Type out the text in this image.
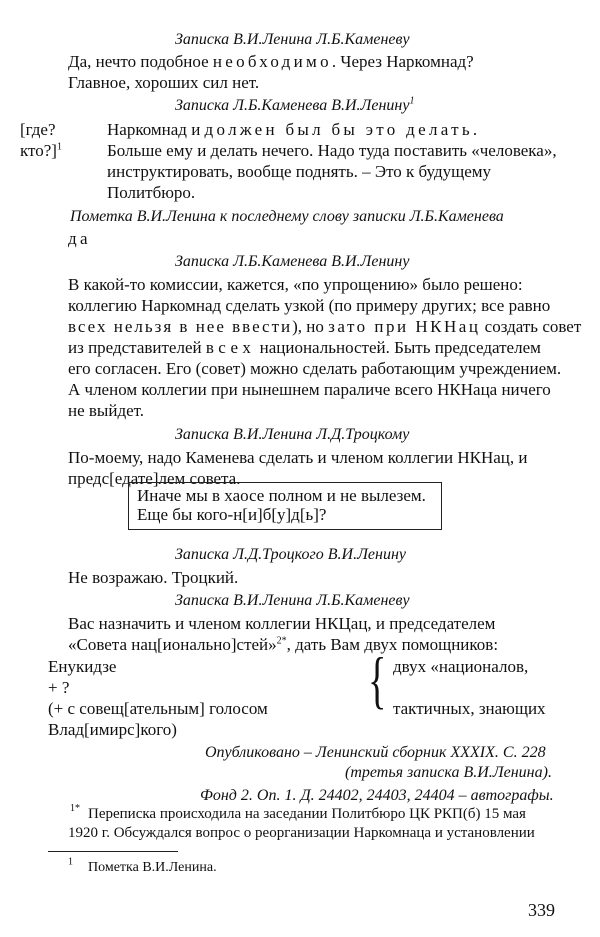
Записка В.И.Ленина Л.Б.Каменеву
Да, нечто подобное необходимо. Через Наркомнад?
Главное, хороших сил нет.
Записка Л.Б.Каменева В.И.Ленину$^1$
[где?
кто?]$^1$
Наркомнад и должен был бы это делать.
Больше ему и делать нечего. Надо туда поставить «человека»,
инструктировать, вообще поднять. – Это к будущему
Политбюро.
Пометка В.И.Ленина к последнему слову записки Л.Б.Каменева
да
Записка Л.Б.Каменева В.И.Ленину
В какой-то комиссии, кажется, «по упрощению» было решено:
коллегию Наркомнад сделать узкой (по примеру других; все равно
всех нельзя в нее ввести), но зато при НКНац создать совет
из представителей всех национальностей. Быть председателем
его согласен. Его (совет) можно сделать работающим учреждением.
А членом коллегии при нынешнем параличе всего НКНаца ничего
не выйдет.
Записка В.И.Ленина Л.Д.Троцкому
По-моему, надо Каменева сделать и членом коллегии НКНац, и
предс[едате]лем совета.
Иначе мы в хаосе полном и не вылезем.
Еще бы кого-н[и]б[у]д[ь]?
Записка Л.Д.Троцкого В.И.Ленину
Не возражаю. Троцкий.
Записка В.И.Ленина Л.Б.Каменеву
Вас назначить и членом коллегии НКЦац, и председателем
«Совета нац[ионально]стей»$^{2*}$, дать Вам двух помощников:
Енукидзе
+ ?
(+ с совещ[ательным] голосом
Влад[имирс]кого)
{ двух «националов,
тактичных, знающих
Опубликовано – Ленинский сборник XXXIX. С. 228
(третья записка В.И.Ленина).
Фонд 2. Оп. 1. Д. 24402, 24403, 24404 – автографы.
$^{1*}$ Переписка происходила на заседании Политбюро ЦК РКП(б) 15 мая
1920 г. Обсуждался вопрос о реорганизации Наркомнаца и установлении
$^1$ Пометка В.И.Ленина.
339
